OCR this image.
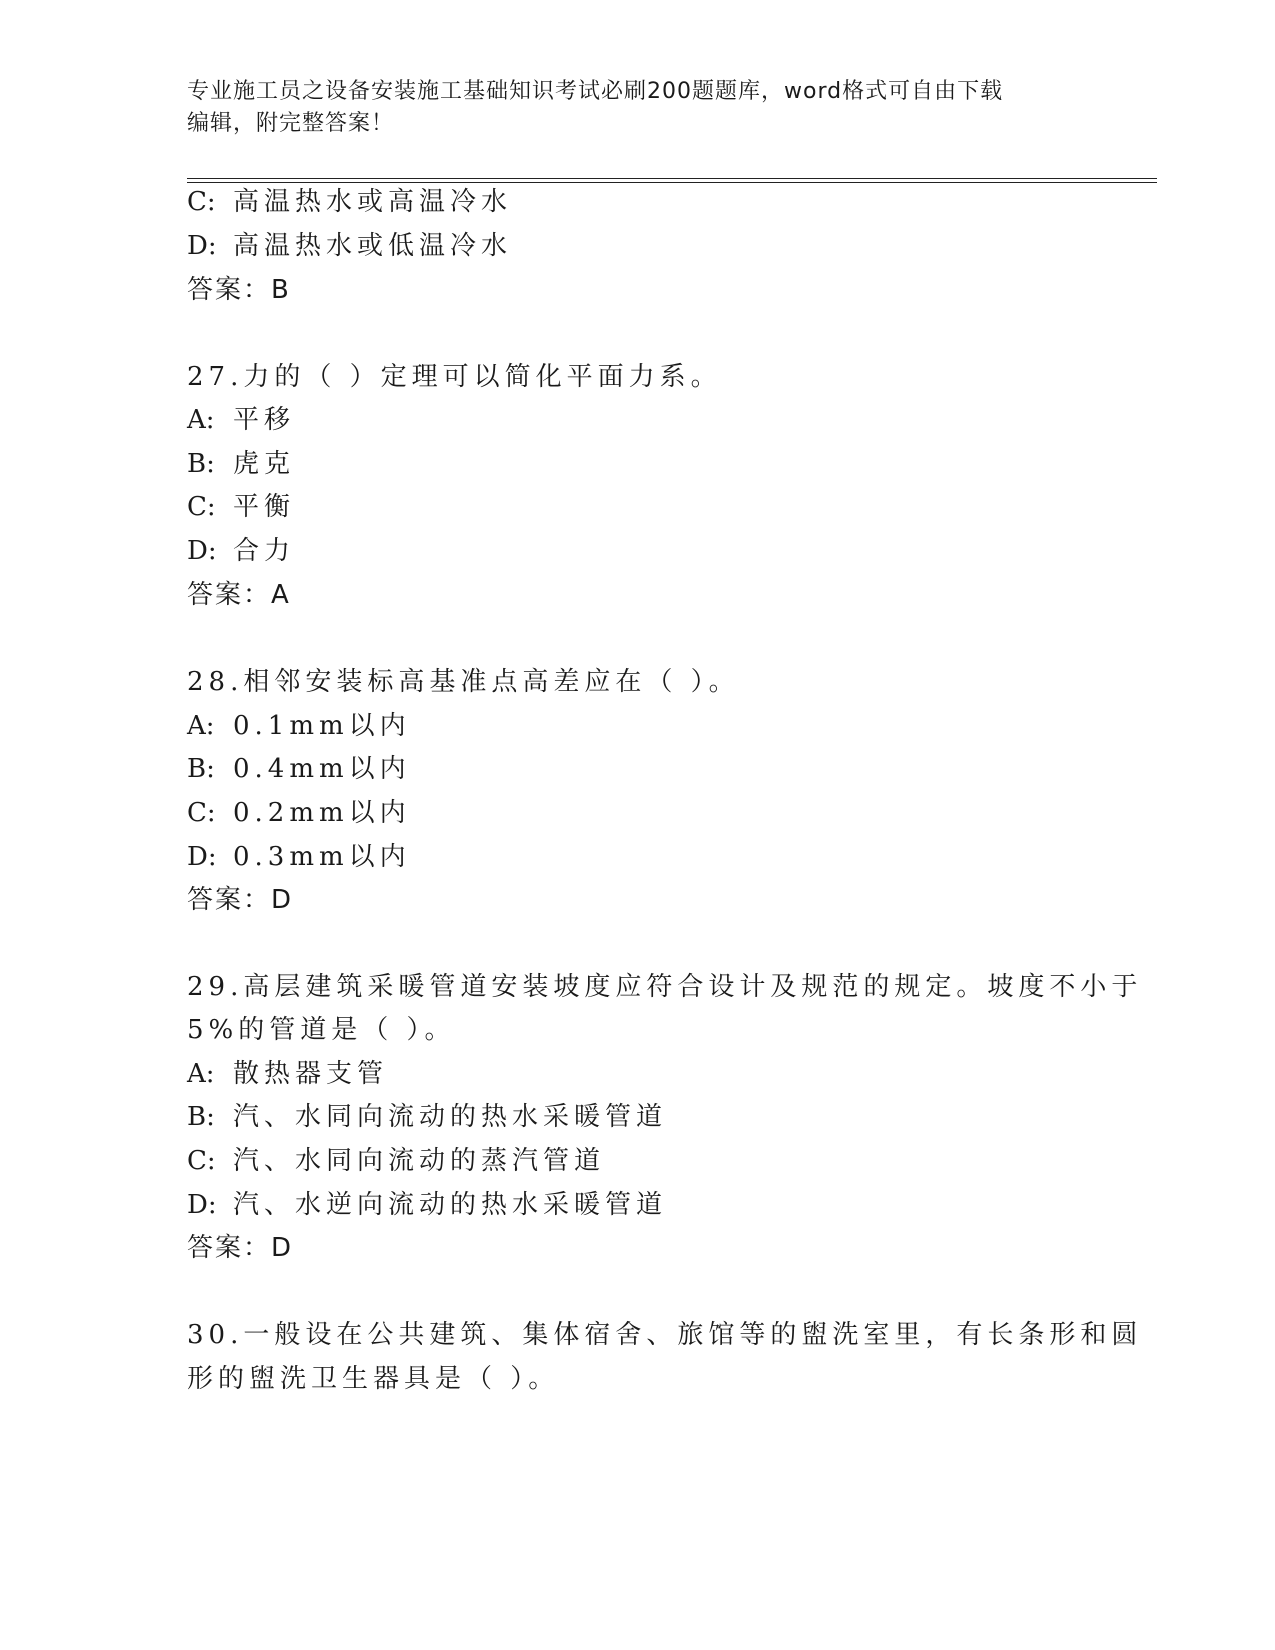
专业施工员之设备安装施工基础知识考试必刷200题题库，word格式可自由下载
编辑，附完整答案！
C: 高温热水或高温冷水
D: 高温热水或低温冷水
答案：B
27.力的（ ）定理可以简化平面力系。
A: 平移
B: 虎克
C: 平衡
D: 合力
答案：A
28.相邻安装标高基准点高差应在（ ）。
A: 0.1mm以内
B: 0.4mm以内
C: 0.2mm以内
D: 0.3mm以内
答案：D
29.高层建筑采暖管道安装坡度应符合设计及规范的规定。坡度不小于
5%的管道是（ ）。
A: 散热器支管
B: 汽、水同向流动的热水采暖管道
C: 汽、水同向流动的蒸汽管道
D: 汽、水逆向流动的热水采暖管道
答案：D
30.一般设在公共建筑、集体宿舍、旅馆等的盥洗室里，有长条形和圆
形的盥洗卫生器具是（ ）。
